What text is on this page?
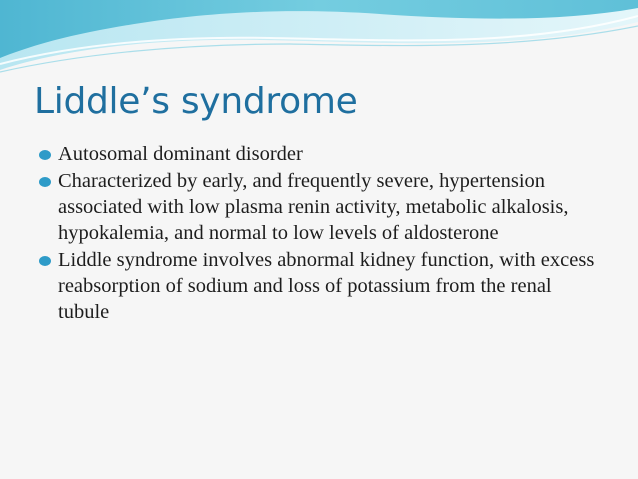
Liddle’s syndrome
Autosomal dominant disorder
Characterized by early, and frequently severe, hypertension associated with low plasma renin activity, metabolic alkalosis, hypokalemia, and normal to low levels of aldosterone
Liddle syndrome involves abnormal kidney function, with excess reabsorption of sodium and loss of potassium from the renal tubule
